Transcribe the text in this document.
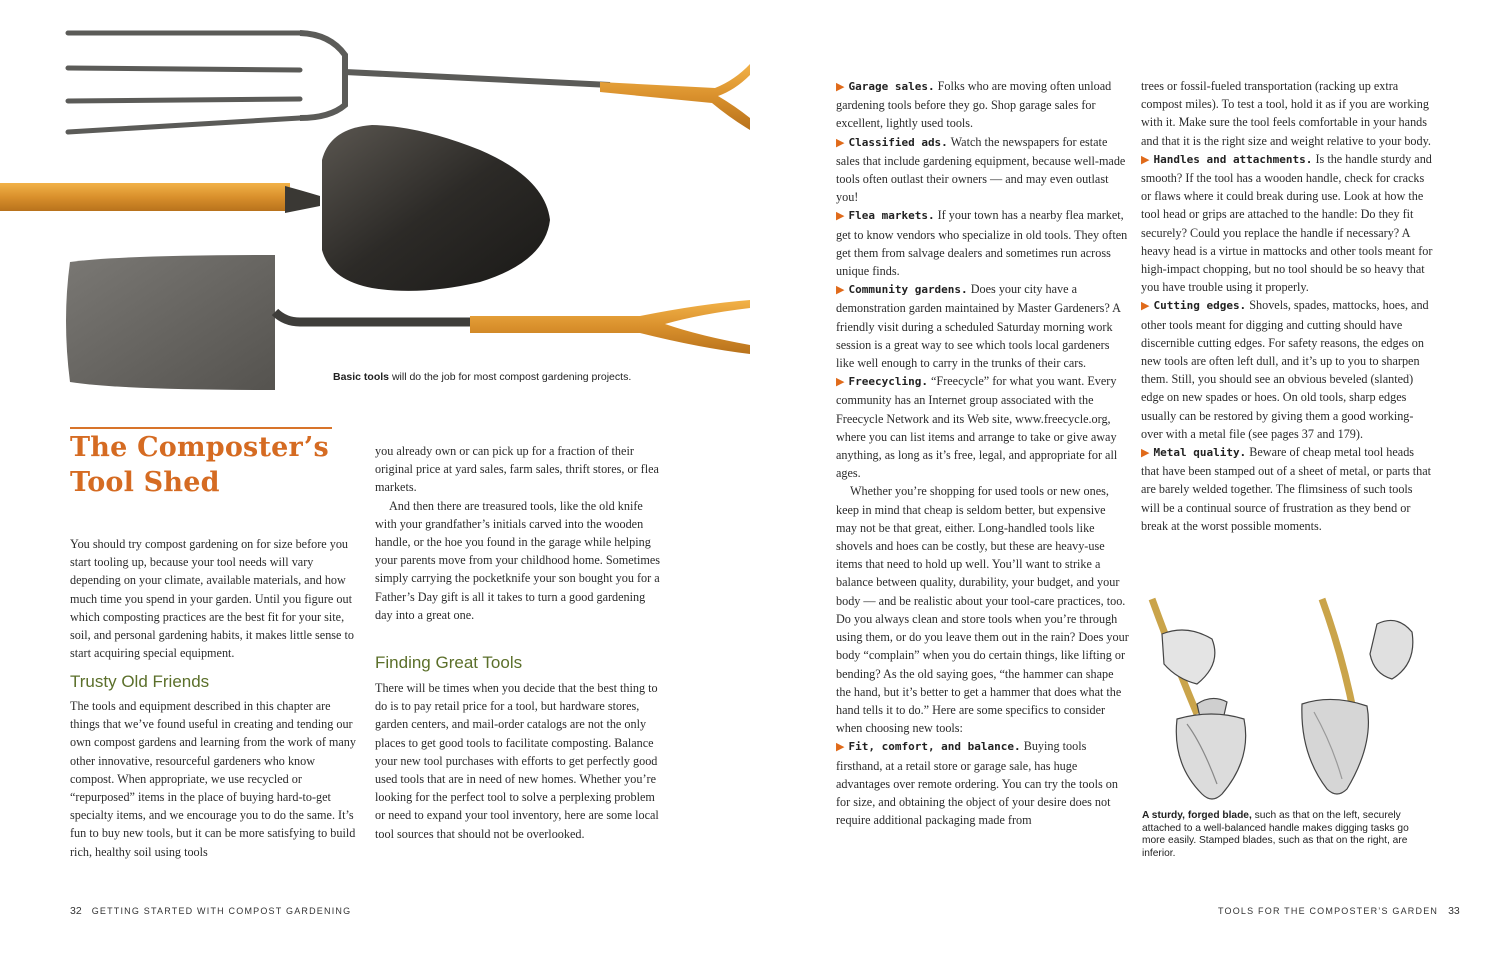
Basic tools will do the job for most compost gardening projects.
The Composter’s Tool Shed

You should try compost gardening on for size before you start tooling up, because your tool needs will vary depending on your climate, available materials, and how much time you spend in your garden. Until you figure out which composting practices are the best fit for your site, soil, and personal gardening habits, it makes little sense to start acquiring special equipment.

Trusty Old Friends

The tools and equipment described in this chapter are things that we’ve found useful in creating and tending our own compost gardens and learning from the work of many other innovative, resourceful gardeners who know compost. When appropriate, we use recycled or “repurposed” items in the place of buying hard-to-get specialty items, and we encourage you to do the same. It’s fun to buy new tools, but it can be more satisfying to build rich, healthy soil using tools

you already own or can pick up for a fraction of their original price at yard sales, farm sales, thrift stores, or flea markets.

And then there are treasured tools, like the old knife with your grandfather’s initials carved into the wooden handle, or the hoe you found in the garage while helping your parents move from your childhood home. Sometimes simply carrying the pocketknife your son bought you for a Father’s Day gift is all it takes to turn a good gardening day into a great one.

Finding Great Tools

There will be times when you decide that the best thing to do is to pay retail price for a tool, but hardware stores, garden centers, and mail-order catalogs are not the only places to get good tools to facilitate composting. Balance your new tool purchases with efforts to get perfectly good used tools that are in need of new homes. Whether you’re looking for the perfect tool to solve a perplexing problem or need to expand your tool inventory, here are some local tool sources that should not be overlooked.

32 GETTING STARTED WITH COMPOST GARDENING

▶ Garage sales. Folks who are moving often unload gardening tools before they go. Shop garage sales for excellent, lightly used tools.

▶ Classified ads. Watch the newspapers for estate sales that include gardening equipment, because well-made tools often outlast their owners — and may even outlast you!

▶ Flea markets. If your town has a nearby flea market, get to know vendors who specialize in old tools. They often get them from salvage dealers and sometimes run across unique finds.

▶ Community gardens. Does your city have a demonstration garden maintained by Master Gardeners? A friendly visit during a scheduled Saturday morning work session is a great way to see which tools local gardeners like well enough to carry in the trunks of their cars.

▶ Freecycling. “Freecycle” for what you want. Every community has an Internet group associated with the Freecycle Network and its Web site, www.freecycle.org, where you can list items and arrange to take or give away anything, as long as it’s free, legal, and appropriate for all ages.

Whether you’re shopping for used tools or new ones, keep in mind that cheap is seldom better, but expensive may not be that great, either. Long-handled tools like shovels and hoes can be costly, but these are heavy-use items that need to hold up well. You’ll want to strike a balance between quality, durability, your budget, and your body — and be realistic about your tool-care practices, too. Do you always clean and store tools when you’re through using them, or do you leave them out in the rain? Does your body “complain” when you do certain things, like lifting or bending? As the old saying goes, “the hammer can shape the hand, but it’s better to get a hammer that does what the hand tells it to do.” Here are some specifics to consider when choosing new tools:

▶ Fit, comfort, and balance. Buying tools firsthand, at a retail store or garage sale, has huge advantages over remote ordering. You can try the tools on for size, and obtaining the object of your desire does not require additional packaging made from

trees or fossil-fueled transportation (racking up extra compost miles). To test a tool, hold it as if you are working with it. Make sure the tool feels comfortable in your hands and that it is the right size and weight relative to your body.

▶ Handles and attachments. Is the handle sturdy and smooth? If the tool has a wooden handle, check for cracks or flaws where it could break during use. Look at how the tool head or grips are attached to the handle: Do they fit securely? Could you replace the handle if necessary? A heavy head is a virtue in mattocks and other tools meant for high-impact chopping, but no tool should be so heavy that you have trouble using it properly.

▶ Cutting edges. Shovels, spades, mattocks, hoes, and other tools meant for digging and cutting should have discernible cutting edges. For safety reasons, the edges on new tools are often left dull, and it’s up to you to sharpen them. Still, you should see an obvious beveled (slanted) edge on new spades or hoes. On old tools, sharp edges usually can be restored by giving them a good working-over with a metal file (see pages 37 and 179).

▶ Metal quality. Beware of cheap metal tool heads that have been stamped out of a sheet of metal, or parts that are barely welded together. The flimsiness of such tools will be a continual source of frustration as they bend or break at the worst possible moments.

A sturdy, forged blade, such as that on the left, securely attached to a well-balanced handle makes digging tasks go more easily. Stamped blades, such as that on the right, are inferior.
TOOLS FOR THE COMPOSTER’S GARDEN 33
